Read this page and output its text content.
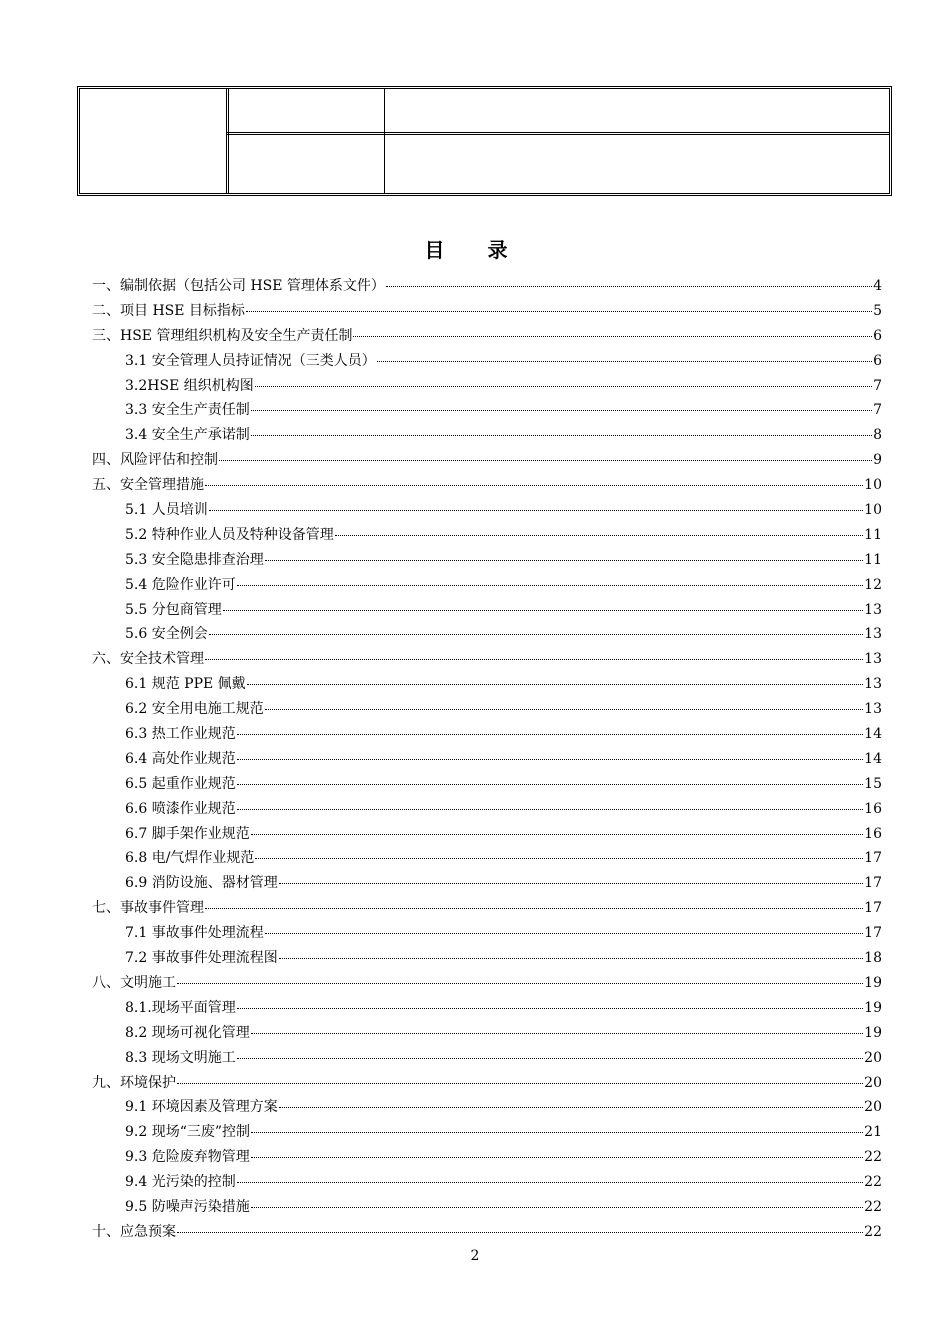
目 录
一、编制依据（包括公司 HSE 管理体系文件）	4
二、项目 HSE 目标指标	5
三、HSE 管理组织机构及安全生产责任制	6
3.1 安全管理人员持证情况（三类人员）	6
3.2HSE 组织机构图	7
3.3 安全生产责任制	7
3.4 安全生产承诺制	8
四、风险评估和控制	9
五、安全管理措施	10
5.1 人员培训	10
5.2 特种作业人员及特种设备管理	11
5.3 安全隐患排查治理	11
5.4 危险作业许可	12
5.5 分包商管理	13
5.6 安全例会	13
六、安全技术管理	13
6.1 规范 PPE 佩戴	13
6.2 安全用电施工规范	13
6.3 热工作业规范	14
6.4 高处作业规范	14
6.5 起重作业规范	15
6.6 喷漆作业规范	16
6.7 脚手架作业规范	16
6.8 电/气焊作业规范	17
6.9 消防设施、器材管理	17
七、事故事件管理	17
7.1 事故事件处理流程	17
7.2 事故事件处理流程图	18
八、文明施工	19
8.1.现场平面管理	19
8.2 现场可视化管理	19
8.3 现场文明施工	20
九、环境保护	20
9.1 环境因素及管理方案	20
9.2 现场“三废”控制	21
9.3 危险废弃物管理	22
9.4 光污染的控制	22
9.5 防噪声污染措施	22
十、应急预案	22
2
